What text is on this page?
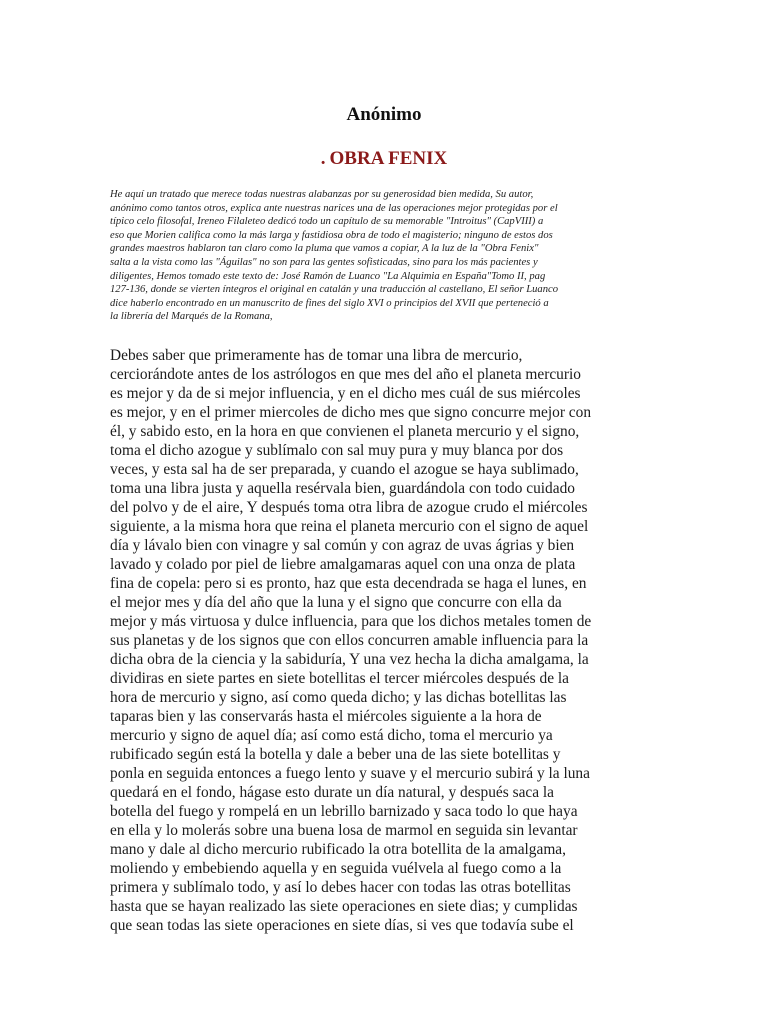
Anónimo
. OBRA FENIX
He aquí un tratado que merece todas nuestras alabanzas por su generosidad bien medida, Su autor,
anónimo como tantos otros, explica ante nuestras narices una de las operaciones mejor protegidas por el
típico celo filosofal, Ireneo Filaleteo dedicó todo un capítulo de su memorable "Introitus" (CapVIII) a
eso que Morien califica como la más larga y fastidiosa obra de todo el magisterio; ninguno de estos dos
grandes maestros hablaron tan claro como la pluma que vamos a copiar, A la luz de la "Obra Fenix"
salta a la vista como las "Águilas" no son para las gentes sofisticadas, sino para los más pacientes y
diligentes, Hemos tomado este texto de: José Ramón de Luanco "La Alquimia en España"Tomo II, pag
127-136, donde se vierten íntegros el original en catalán y una traducción al castellano, El señor Luanco
dice haberlo encontrado en un manuscrito de fines del siglo XVI o principios del XVII que perteneció a
la librería del Marqués de la Romana,
Debes saber que primeramente has de tomar una libra de mercurio,
cerciorándote antes de los astrólogos en que mes del año el planeta mercurio
es mejor y da de si mejor influencia, y en el dicho mes cuál de sus miércoles
es mejor, y en el primer miercoles de dicho mes que signo concurre mejor con
él, y sabido esto, en la hora en que convienen el planeta mercurio y el signo,
toma el dicho azogue y sublímalo con sal muy pura y muy blanca por dos
veces, y esta sal ha de ser preparada, y cuando el azogue se haya sublimado,
toma una libra justa y aquella resérvala bien, guardándola con todo cuidado
del polvo y de el aire, Y después toma otra libra de azogue crudo el miércoles
siguiente, a la misma hora que reina el planeta mercurio con el signo de aquel
día y lávalo bien con vinagre y sal común y con agraz de uvas ágrias y bien
lavado y colado por piel de liebre amalgamaras aquel con una onza de plata
fina de copela: pero si es pronto, haz que esta decendrada se haga el lunes, en
el mejor mes y día del año que la luna y el signo que concurre con ella da
mejor y más virtuosa y dulce influencia, para que los dichos metales tomen de
sus planetas y de los signos que con ellos concurren amable influencia para la
dicha obra de la ciencia y la sabiduría, Y una vez hecha la dicha amalgama, la
dividiras en siete partes en siete botellitas el tercer miércoles después de la
hora de mercurio y signo, así como queda dicho; y las dichas botellitas las
taparas bien y las conservarás hasta el miércoles siguiente a la hora de
mercurio y signo de aquel día; así como está dicho, toma el mercurio ya
rubificado según está la botella y dale a beber una de las siete botellitas y
ponla en seguida entonces a fuego lento y suave y el mercurio subirá y la luna
quedará en el fondo, hágase esto durate un día natural, y después saca la
botella del fuego y rompelá en un lebrillo barnizado y saca todo lo que haya
en ella y lo molerás sobre una buena losa de marmol en seguida sin levantar
mano y dale al dicho mercurio rubificado la otra botellita de la amalgama,
moliendo y embebiendo aquella y en seguida vuélvela al fuego como a la
primera y sublímalo todo, y así lo debes hacer con todas las otras botellitas
hasta que se hayan realizado las siete operaciones en siete dias; y cumplidas
que sean todas las siete operaciones en siete días, si ves que todavía sube el
